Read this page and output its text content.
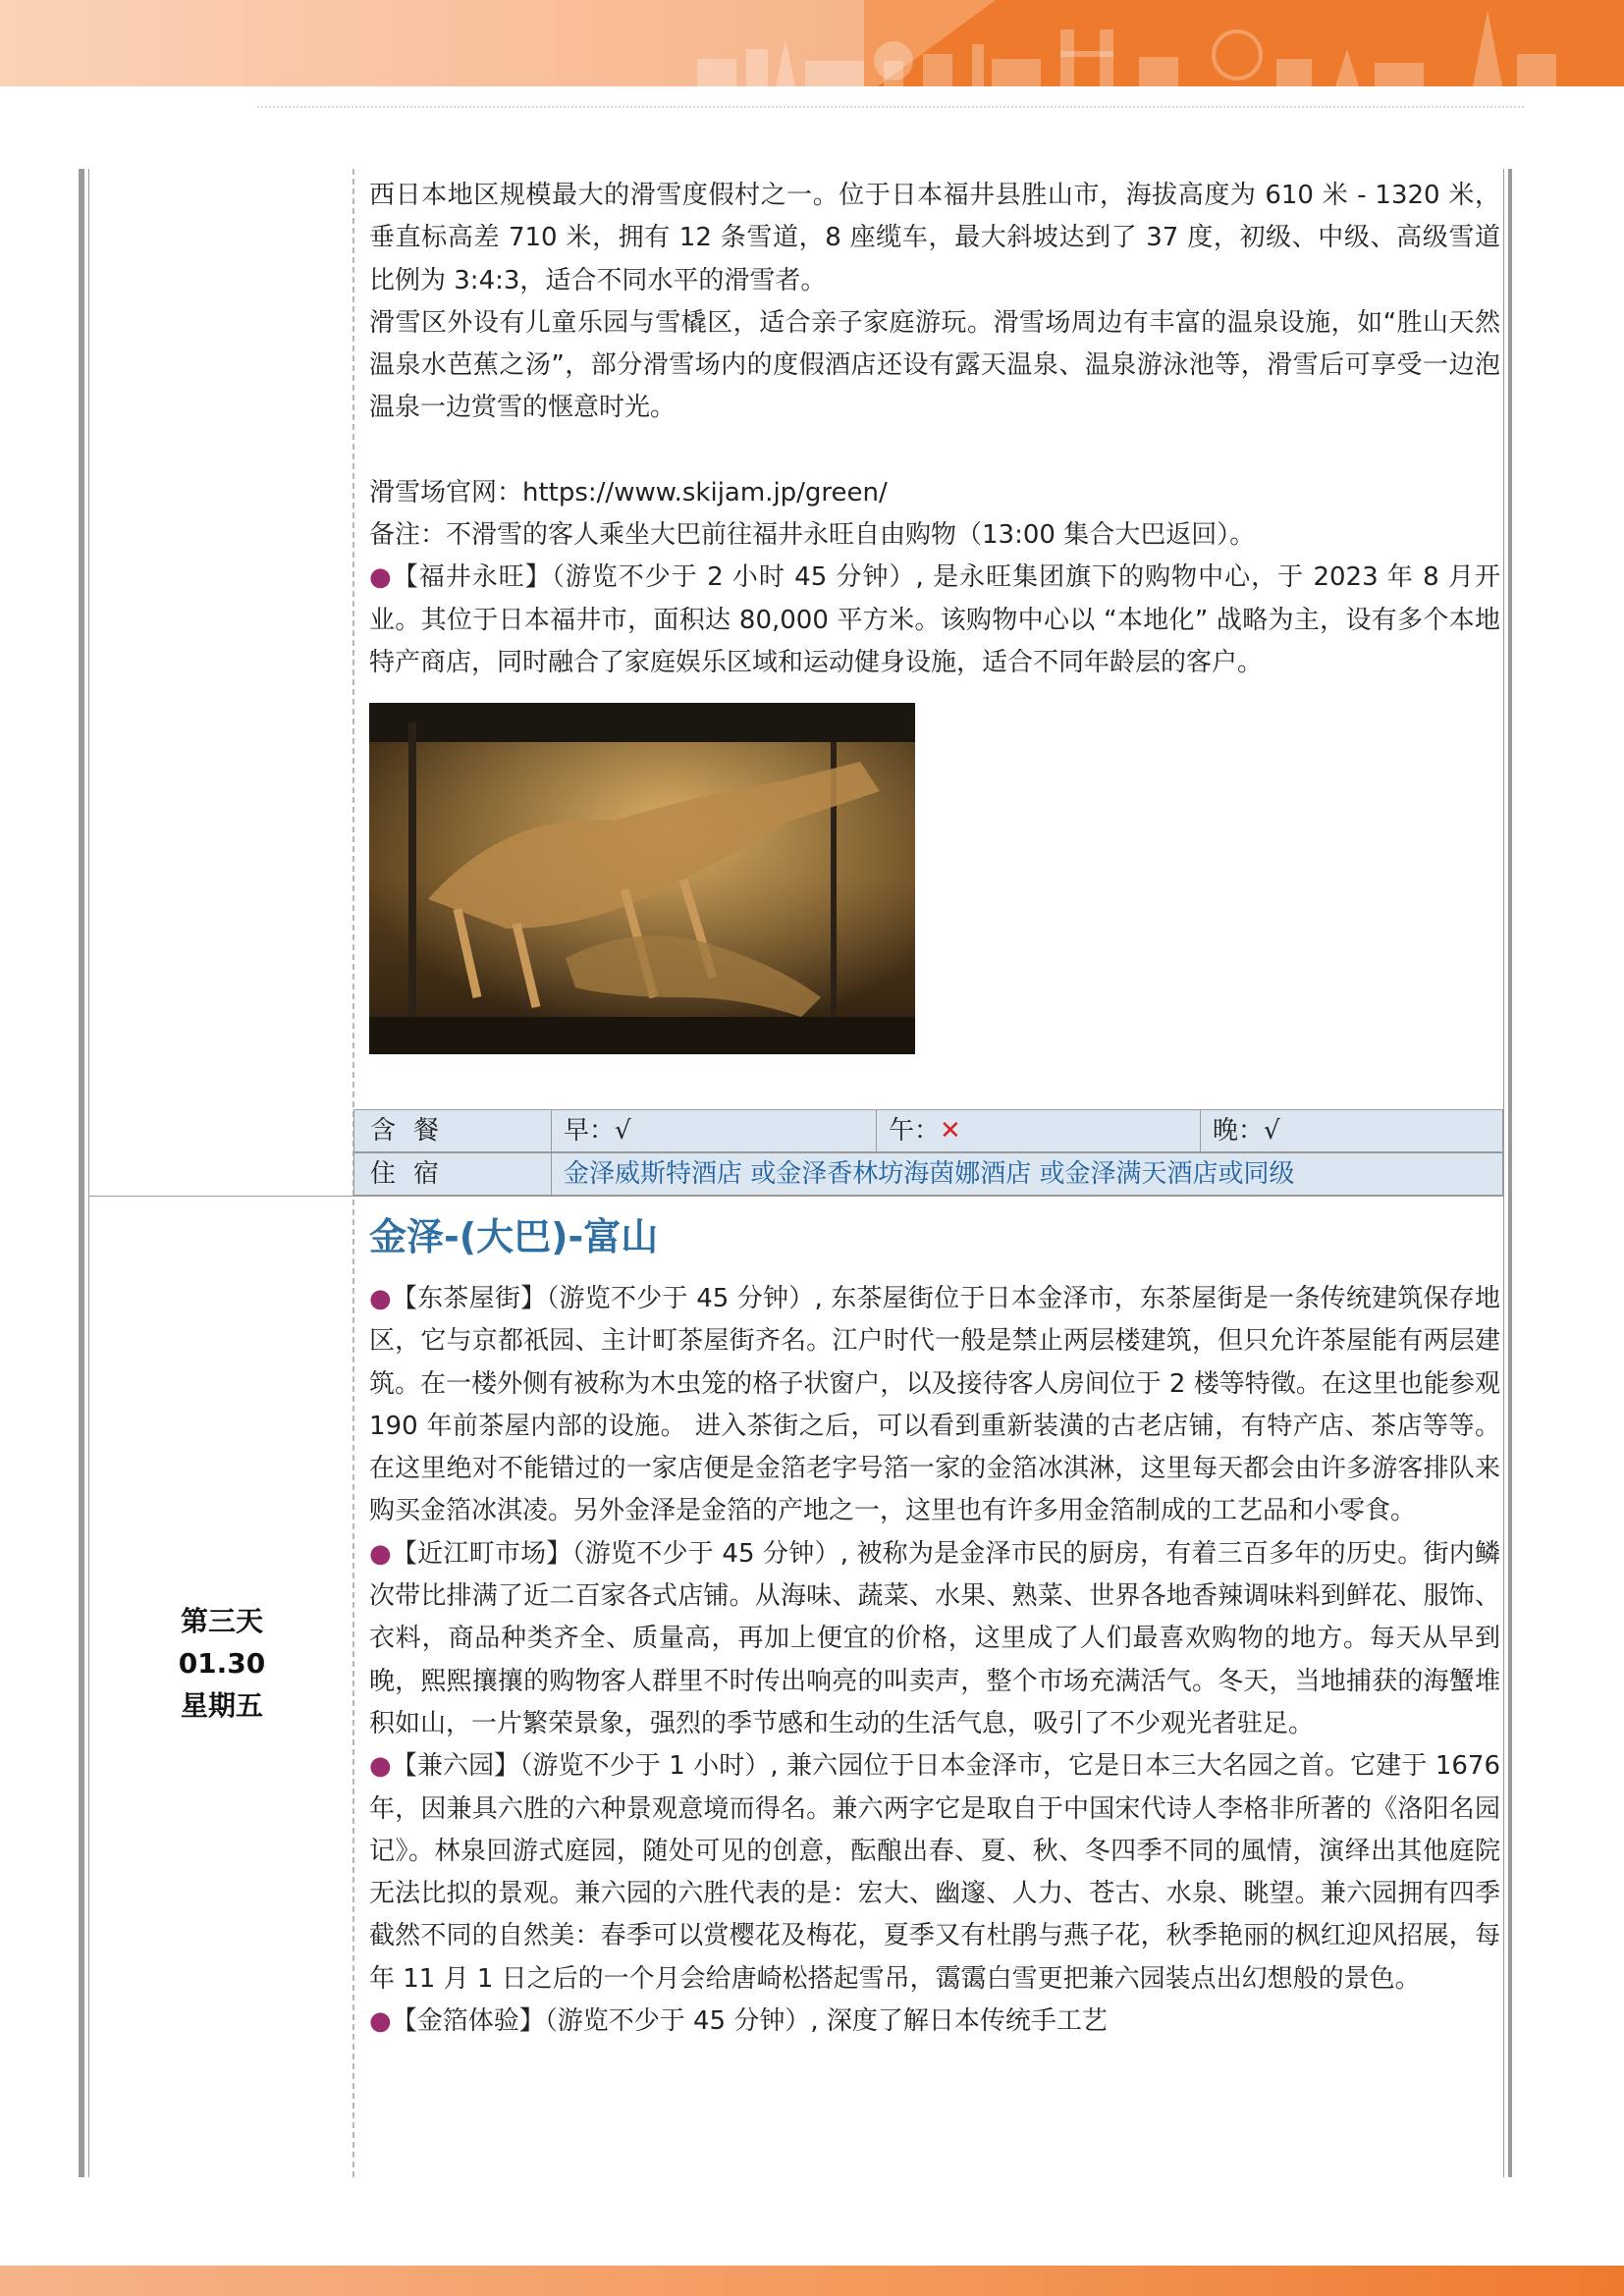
西日本地区规模最大的滑雪度假村之一。位于日本福井县胜山市，海拔高度为 610 米 - 1320 米，垂直标高差 710 米，拥有 12 条雪道，8 座缆车，最大斜坡达到了 37 度，初级、中级、高级雪道比例为 3:4:3，适合不同水平的滑雪者。

滑雪区外设有儿童乐园与雪橇区，适合亲子家庭游玩。滑雪场周边有丰富的温泉设施，如“胜山天然温泉水芭蕉之汤”，部分滑雪场内的度假酒店还设有露天温泉、温泉游泳池等，滑雪后可享受一边泡温泉一边赏雪的惬意时光。

滑雪场官网：https://www.skijam.jp/green/

备注：不滑雪的客人乘坐大巴前往福井永旺自由购物（13:00 集合大巴返回）。

●【福井永旺】（游览不少于 2 小时 45 分钟）, 是永旺集团旗下的购物中心，于 2023 年 8 月开业。其位于日本福井市，面积达 80,000 平方米。该购物中心以 “本地化” 战略为主，设有多个本地特产商店，同时融合了家庭娱乐区域和运动健身设施，适合不同年龄层的客户。

含餐	早：√	午：✕	晚：√
住宿	金泽威斯特酒店 或金泽香林坊海茵娜酒店 或金泽满天酒店或同级
第三天
01.30
星期五
金泽-(大巴)-富山

●【东茶屋街】（游览不少于 45 分钟）, 东茶屋街位于日本金泽市，东茶屋街是一条传统建筑保存地区，它与京都祇园、主计町茶屋街齐名。江户时代一般是禁止两层楼建筑，但只允许茶屋能有两层建筑。在一楼外侧有被称为木虫笼的格子状窗户，以及接待客人房间位于 2 楼等特徵。在这里也能参观 190 年前茶屋内部的设施。 进入茶街之后，可以看到重新装潢的古老店铺，有特产店、茶店等等。在这里绝对不能错过的一家店便是金箔老字号箔一家的金箔冰淇淋，这里每天都会由许多游客排队来购买金箔冰淇凌。另外金泽是金箔的产地之一，这里也有许多用金箔制成的工艺品和小零食。

●【近江町市场】（游览不少于 45 分钟）, 被称为是金泽市民的厨房，有着三百多年的历史。街内鳞次带比排满了近二百家各式店铺。从海味、蔬菜、水果、熟菜、世界各地香辣调味料到鲜花、服饰、衣料，商品种类齐全、质量高，再加上便宜的价格，这里成了人们最喜欢购物的地方。每天从早到晚，熙熙攘攘的购物客人群里不时传出响亮的叫卖声，整个市场充满活气。冬天，当地捕获的海蟹堆积如山，一片繁荣景象，强烈的季节感和生动的生活气息，吸引了不少观光者驻足。

●【兼六园】（游览不少于 1 小时）, 兼六园位于日本金泽市，它是日本三大名园之首。它建于 1676 年，因兼具六胜的六种景观意境而得名。兼六两字它是取自于中国宋代诗人李格非所著的《洛阳名园记》。林泉回游式庭园，随处可见的创意，酝酿出春、夏、秋、冬四季不同的風情，演绎出其他庭院无法比拟的景观。兼六园的六胜代表的是：宏大、幽邃、人力、苍古、水泉、眺望。兼六园拥有四季截然不同的自然美：春季可以赏樱花及梅花，夏季又有杜鹃与燕子花，秋季艳丽的枫红迎风招展，每年 11 月 1 日之后的一个月会给唐崎松搭起雪吊，霭霭白雪更把兼六园装点出幻想般的景色。

●【金箔体验】（游览不少于 45 分钟）, 深度了解日本传统手工艺
